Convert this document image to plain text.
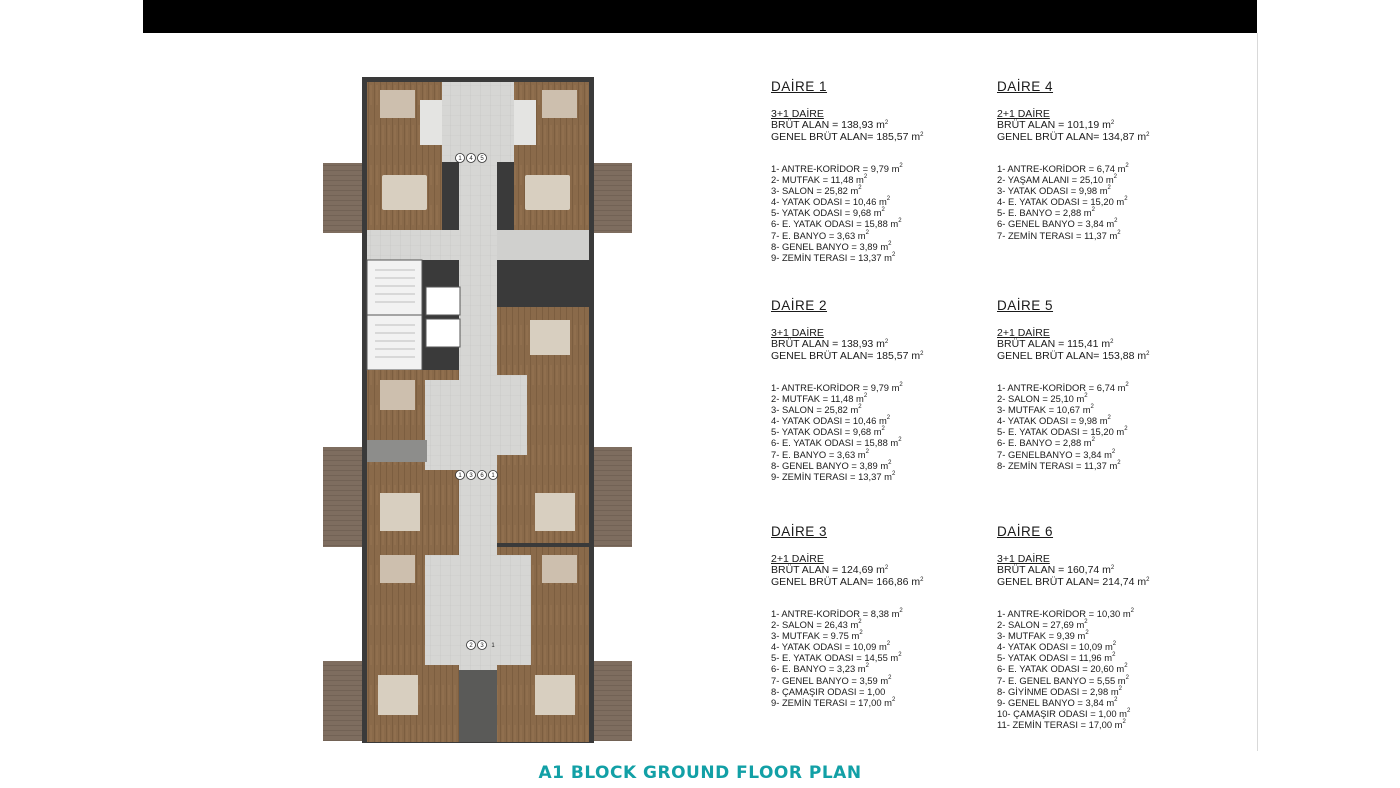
1 4 5
1 3 6 1
2 3 1
DAİRE 1
3+1 DAİRE
BRÜT ALAN = 138,93 $m^2$
GENEL BRÜT ALAN= 185,57 $m^2$
1- ANTRE-KORİDOR = 9,79 $m^2$
2- MUTFAK = 11,48 $m^2$
3- SALON = 25,82 $m^2$
4- YATAK ODASI = 10,46 $m^2$
5- YATAK ODASI = 9,68 $m^2$
6- E. YATAK ODASI = 15,88 $m^2$
7- E. BANYO = 3,63 $m^2$
8- GENEL BANYO = 3,89 $m^2$
9- ZEMİN TERASI = 13,37 $m^2$
DAİRE 2
3+1 DAİRE
BRÜT ALAN = 138,93 $m^2$
GENEL BRÜT ALAN= 185,57 $m^2$
1- ANTRE-KORİDOR = 9,79 $m^2$
2- MUTFAK = 11,48 $m^2$
3- SALON = 25,82 $m^2$
4- YATAK ODASI = 10,46 $m^2$
5- YATAK ODASI = 9,68 $m^2$
6- E. YATAK ODASI = 15,88 $m^2$
7- E. BANYO = 3,63 $m^2$
8- GENEL BANYO = 3,89 $m^2$
9- ZEMİN TERASI = 13,37 $m^2$
DAİRE 3
2+1 DAİRE
BRÜT ALAN = 124,69 $m^2$
GENEL BRÜT ALAN= 166,86 $m^2$
1- ANTRE-KORİDOR = 8,38 $m^2$
2- SALON = 26,43 $m^2$
3- MUTFAK = 9.75 $m^2$
4- YATAK ODASI = 10,09 $m^2$
5- E. YATAK ODASI = 14,55 $m^2$
6- E. BANYO = 3,23 $m^2$
7- GENEL BANYO = 3,59 $m^2$
8- ÇAMAŞIR ODASI = 1,00
9- ZEMİN TERASI = 17,00 $m^2$
DAİRE 4
2+1 DAİRE
BRÜT ALAN = 101,19 $m^2$
GENEL BRÜT ALAN= 134,87 $m^2$
1- ANTRE-KORİDOR = 6,74 $m^2$
2- YAŞAM ALANI = 25,10 $m^2$
3- YATAK ODASI = 9,98 $m^2$
4- E. YATAK ODASI = 15,20 $m^2$
5- E. BANYO = 2,88 $m^2$
6- GENEL BANYO = 3,84 $m^2$
7- ZEMİN TERASI = 11,37 $m^2$
DAİRE 5
2+1 DAİRE
BRÜT ALAN = 115,41 $m^2$
GENEL BRÜT ALAN= 153,88 $m^2$
1- ANTRE-KORİDOR = 6,74 $m^2$
2- SALON = 25,10 $m^2$
3- MUTFAK = 10,67 $m^2$
4- YATAK ODASI = 9,98 $m^2$
5- E. YATAK ODASI = 15,20 $m^2$
6- E. BANYO = 2,88 $m^2$
7- GENELBANYO = 3,84 $m^2$
8- ZEMİN TERASI = 11,37 $m^2$
DAİRE 6
3+1 DAİRE
BRÜT ALAN = 160,74 $m^2$
GENEL BRÜT ALAN= 214,74 $m^2$
1- ANTRE-KORİDOR = 10,30 $m^2$
2- SALON = 27,69 $m^2$
3- MUTFAK = 9,39 $m^2$
4- YATAK ODASI = 10,09 $m^2$
5- YATAK ODASI = 11,96 $m^2$
6- E. YATAK ODASI = 20,60 $m^2$
7- E. GENEL BANYO = 5,55 $m^2$
8- GİYİNME ODASI = 2,98 $m^2$
9- GENEL BANYO = 3,84 $m^2$
10- ÇAMAŞIR ODASI = 1,00 $m^2$
11- ZEMİN TERASI = 17,00 $m^2$
A1 BLOCK GROUND FLOOR PLAN
